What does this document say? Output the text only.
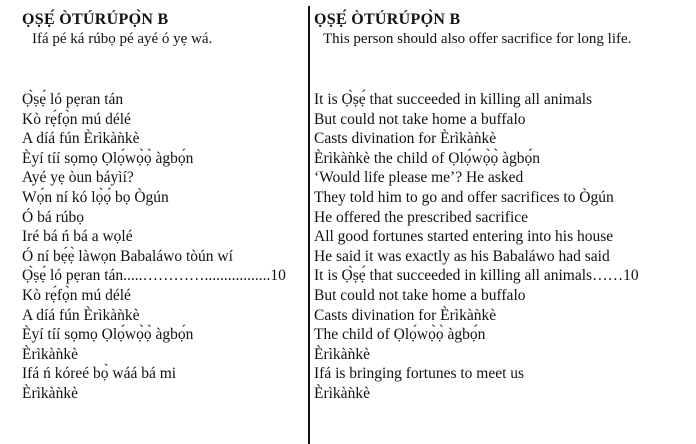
ỌṢẸ́ ÒTÚRÚPỌ̀N B
Ifá pé ká rúbọ pé ayé ó yẹ wá.
Ọ̀ṣẹ́ ló pẹran tán
Kò rẹ́fọ̀n mú délé
A díá fún Èrìkàǹkè
Èyí tíí sọmọ Ọlọ́wọ̀ọ̀ àgbọ́n
Ayé yẹ òun báyìí?
Wọ́n ní kó lọ̀ọ́ bọ Ògún
Ó bá rúbọ
Iré bá ń bá a wọlé
Ó ní bẹ́ẹ̀ làwọn Babaláwo tòún wí
Ọ̀ṣẹ́ ló pẹran tán.....………….................10
Kò rẹ́fọ̀n mú délé
A díá fún Èrìkàǹkè
Èyí tíí sọmọ Ọlọ́wọ̀ọ̀ àgbọ́n
Èrìkàǹkè
Ifá ń kóreé bọ̀ wáá bá mi
Èrìkàǹkè
ỌṢẸ́ ÒTÚRÚPỌ̀N B
This person should also offer sacrifice for long life.
It is Ọ̀ṣẹ́ that succeeded in killing all animals
But could not take home a buffalo
Casts divination for Èrìkàǹkè
Èrìkàǹkè the child of Ọlọ́wọ̀ọ̀ àgbọ́n
‘Would life please me’? He asked
They told him to go and offer sacrifices to Ògún
He offered the prescribed sacrifice
All good fortunes started entering into his house
He said it was exactly as his Babaláwo had said
It is Ọ̀ṣẹ́ that succeeded in killing all animals……10
But could not take home a buffalo
Casts divination for Èrìkàǹkè
The child of Ọlọ́wọ̀ọ̀ àgbọ́n
Èrìkàǹkè
Ifá is bringing fortunes to meet us
Èrìkàǹkè
